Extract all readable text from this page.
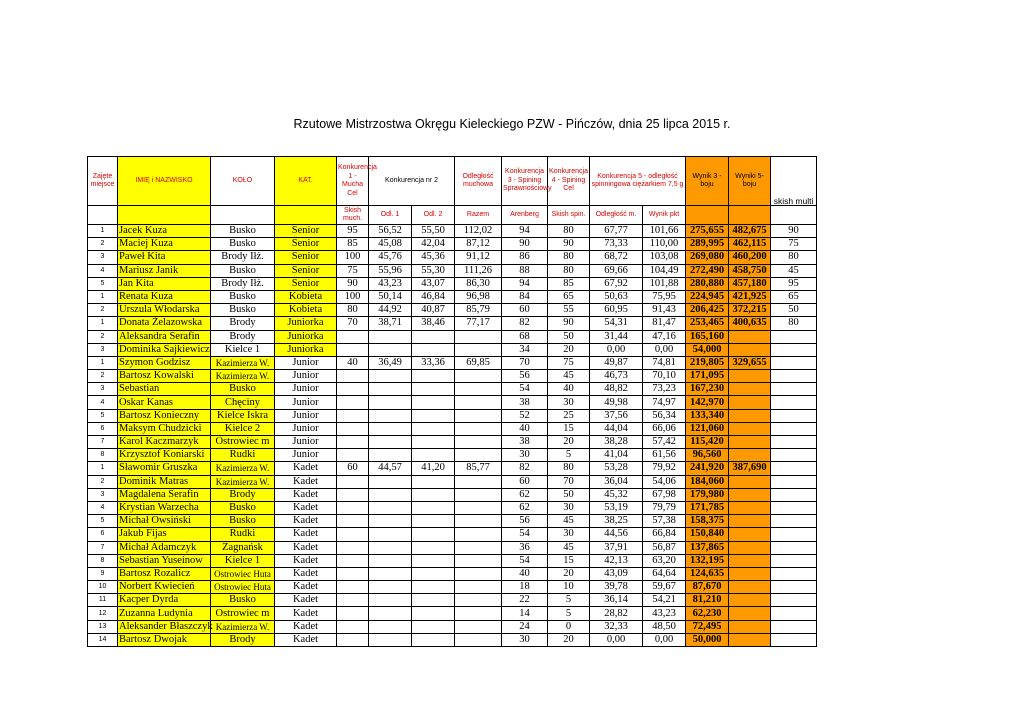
Rzutowe Mistrzostwa Okręgu Kieleckiego PZW - Pińczów, dnia 25 lipca 2015 r.
Zajęte miejsce	IMIĘ i NAZWISKO	KOŁO	KAT.	Konkurencja 1 - Mucha Cel	Konkurencja nr 2		Odległość muchowa	Konkurencja 3 - Spining Sprawnościowy	Konkurencja 4 - Spining Cel	Konkurencja 5 - odległość spinningowa ciężarkiem 7,5 g		Wynik 3 - boju	Wyniki 5-boju	skish multi
				Skish much.	Odl. 1	Odl. 2	Razem	Arenberg	Skish spin.	Odległość m.	Wynik pkt			
1	Jacek Kuza	Busko	Senior	95	56,52	55,50	112,02	94	80	67,77	101,66	275,655	482,675	90
2	Maciej Kuza	Busko	Senior	85	45,08	42,04	87,12	90	90	73,33	110,00	289,995	462,115	75
3	Paweł Kita	Brody Iłż.	Senior	100	45,76	45,36	91,12	86	80	68,72	103,08	269,080	460,200	80
4	Mariusz Janik	Busko	Senior	75	55,96	55,30	111,26	88	80	69,66	104,49	272,490	458,750	45
5	Jan Kita	Brody Iłż.	Senior	90	43,23	43,07	86,30	94	85	67,92	101,88	280,880	457,180	95
1	Renata Kuza	Busko	Kobieta	100	50,14	46,84	96,98	84	65	50,63	75,95	224,945	421,925	65
2	Urszula Włodarska	Busko	Kobieta	80	44,92	40,87	85,79	60	55	60,95	91,43	206,425	372,215	50
1	Donata Żelazowska	Brody	Juniorka	70	38,71	38,46	77,17	82	90	54,31	81,47	253,465	400,635	80
2	Aleksandra Serafin	Brody	Juniorka					68	50	31,44	47,16	165,160		
3	Dominika Sajkiewicz	Kielce 1	Juniorka					34	20	0,00	0,00	54,000		
1	Szymon Godzisz	Kazimierza W.	Junior	40	36,49	33,36	69,85	70	75	49,87	74,81	219,805	329,655	
2	Bartosz Kowalski	Kazimierza W.	Junior					56	45	46,73	70,10	171,095		
3	Sebastian	Busko	Junior					54	40	48,82	73,23	167,230		
4	Oskar Kanas	Chęciny	Junior					38	30	49,98	74,97	142,970		
5	Bartosz Konieczny	Kielce Iskra	Junior					52	25	37,56	56,34	133,340		
6	Maksym Chudzicki	Kielce 2	Junior					40	15	44,04	66,06	121,060		
7	Karol Kaczmarzyk	Ostrowiec m	Junior					38	20	38,28	57,42	115,420		
8	Krzysztof Koniarski	Rudki	Junior					30	5	41,04	61,56	96,560		
1	Sławomir Gruszka	Kazimierza W.	Kadet	60	44,57	41,20	85,77	82	80	53,28	79,92	241,920	387,690	
2	Dominik Matras	Kazimierza W.	Kadet					60	70	36,04	54,06	184,060		
3	Magdalena Serafin	Brody	Kadet					62	50	45,32	67,98	179,980		
4	Krystian Warzecha	Busko	Kadet					62	30	53,19	79,79	171,785		
5	Michał Owsiński	Busko	Kadet					56	45	38,25	57,38	158,375		
6	Jakub Fijas	Rudki	Kadet					54	30	44,56	66,84	150,840		
7	Michał Adamczyk	Zagnańsk	Kadet					36	45	37,91	56,87	137,865		
8	Sebastian Yuseinow	Kielce 1	Kadet					54	15	42,13	63,20	132,195		
9	Bartosz Rozalicz	Ostrowiec Huta	Kadet					40	20	43,09	64,64	124,635		
10	Norbert Kwiecień	Ostrowiec Huta	Kadet					18	10	39,78	59,67	87,670		
11	Kacper Dyrda	Busko	Kadet					22	5	36,14	54,21	81,210		
12	Zuzanna Ludynia	Ostrowiec m	Kadet					14	5	28,82	43,23	62,230		
13	Aleksander Błaszczyk	Kazimierza W.	Kadet					24	0	32,33	48,50	72,495		
14	Bartosz Dwojak	Brody	Kadet					30	20	0,00	0,00	50,000		
